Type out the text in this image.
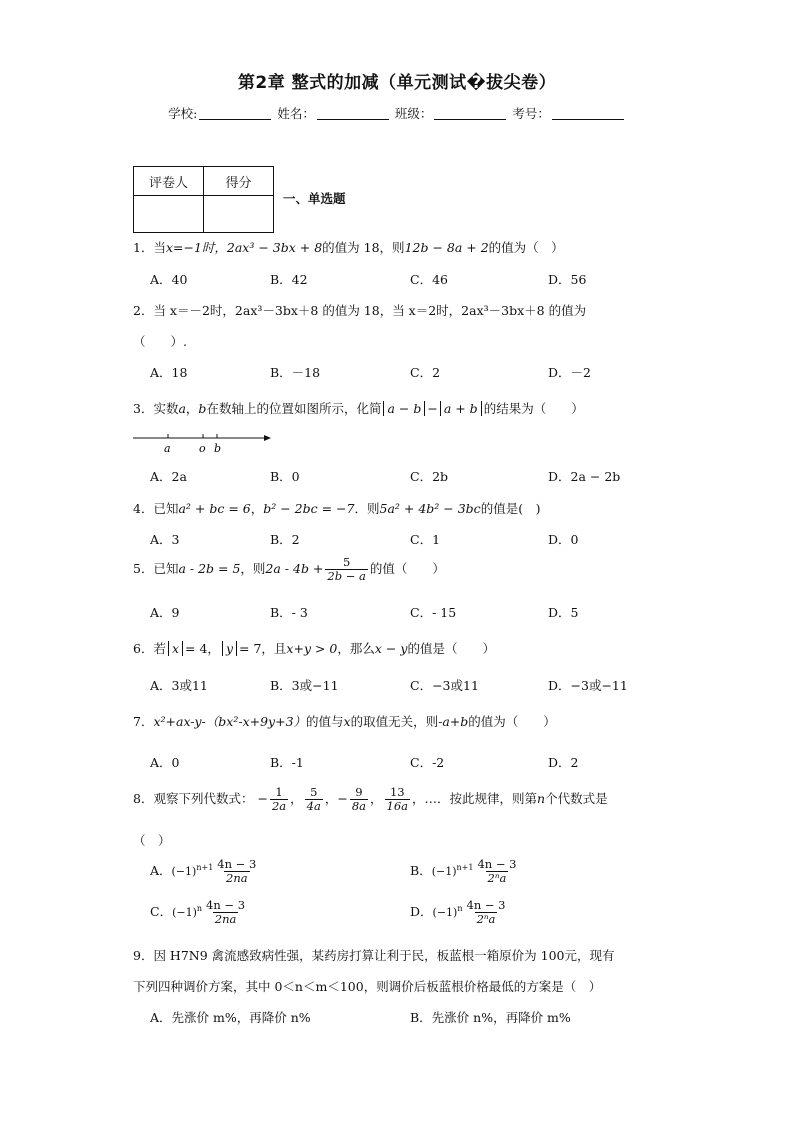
第2章 整式的加减（单元测试�拔尖卷）
学校:	姓名：	班级：	考号：
评卷人	得分

一、单选题
1．当x=−1时，2ax³ − 3bx + 8的值为 18，则12b − 8a + 2的值为（　）
A．40	B．42	C．46	D．56
2．当 x＝－2时，2ax³－3bx＋8 的值为 18，当 x＝2时，2ax³－3bx＋8 的值为
（　　）.
A．18	B．－18	C．2	D．－2
3．实数a，b在数轴上的位置如图所示，化简 a − b − a + b 的结果为（　　）
a	o b
A．2a	B．0	C．2b	D．2a − 2b
4．已知a² + bc = 6，b² − 2bc = −7．则5a² + 4b² − 3bc的值是(　)
A．3	B．2	C．1	D．0
5．已知a - 2b = 5，则$2a - 4b + \frac{5}{2b - a}$ 的值（　　）
A．9	B．- 3	C．- 15	D．5
6．若 x = 4， y = 7，且x+y > 0，那么x − y的值是（　　）
A．3或11	B．3或−11	C．−3或11	D．−3或−11
7．x²+ax-y-（bx²-x+9y+3）的值与x的取值无关，则-a+b的值为（　　）
A．0	B．-1	C．-2	D．2
8．观察下列代数式： − $\frac{1}{2a}$ ， $\frac{5}{4a}$ ，− $\frac{9}{8a}$ ， $\frac{13}{16a}$ ，…．按此规律，则第n个代数式是
（　）
A．$(-1)^{n+1} \frac{4n - 3}{2na}$	B．$(-1)^{n+1} \frac{4n - 3}{\text{2ⁿa}}$
C．$(-1)^n \frac{4n - 3}{2na}$	D．$(-1)^n \frac{4n - 3}{\text{2ⁿa}}$
9．因 H7N9 禽流感致病性强，某药房打算让利于民，板蓝根一箱原价为 100元，现有
下列四种调价方案，其中 0＜n＜m＜100，则调价后板蓝根价格最低的方案是（　）
A．先涨价 m%，再降价 n%	B．先涨价 n%，再降价 m%
